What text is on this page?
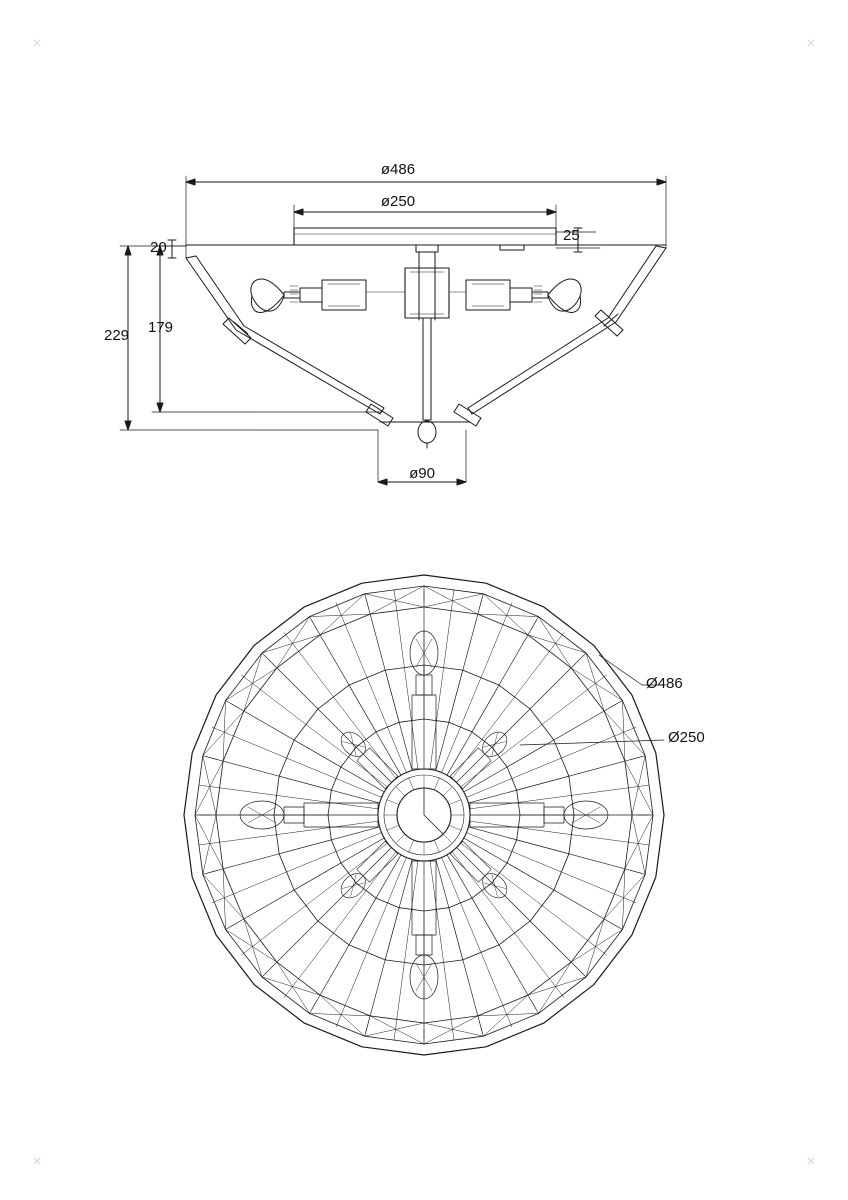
ø486
ø250
20
25
229 179
ø90
Ø486
Ø250
